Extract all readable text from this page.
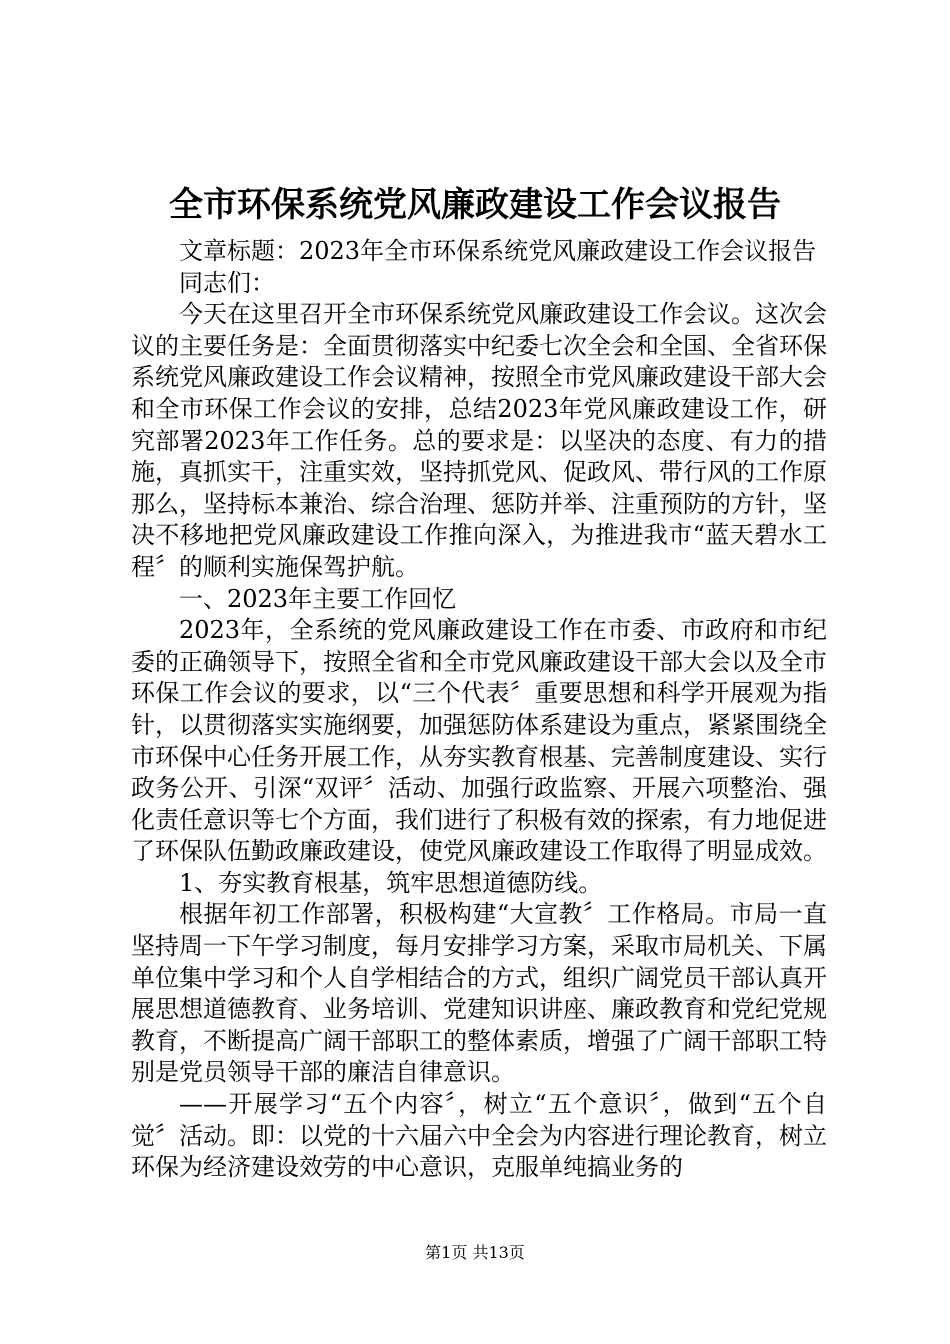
全市环保系统党风廉政建设工作会议报告

文章标题：2023年全市环保系统党风廉政建设工作会议报告

同志们：

今天在这里召开全市环保系统党风廉政建设工作会议。这次会议的主要任务是：全面贯彻落实中纪委七次全会和全国、全省环保系统党风廉政建设工作会议精神，按照全市党风廉政建设干部大会和全市环保工作会议的安排，总结2023年党风廉政建设工作，研究部署2023年工作任务。总的要求是：以坚决的态度、有力的措施，真抓实干，注重实效，坚持抓党风、促政风、带行风的工作原那么，坚持标本兼治、综合治理、惩防并举、注重预防的方针，坚决不移地把党风廉政建设工作推向深入，为推进我市“蓝天碧水工程〞的顺利实施保驾护航。

一、2023年主要工作回忆

2023年，全系统的党风廉政建设工作在市委、市政府和市纪委的正确领导下，按照全省和全市党风廉政建设干部大会以及全市环保工作会议的要求，以“三个代表〞重要思想和科学开展观为指针，以贯彻落实实施纲要，加强惩防体系建设为重点，紧紧围绕全市环保中心任务开展工作，从夯实教育根基、完善制度建设、实行政务公开、引深“双评〞活动、加强行政监察、开展六项整治、强化责任意识等七个方面，我们进行了积极有效的探索，有力地促进了环保队伍勤政廉政建设，使党风廉政建设工作取得了明显成效。

1、夯实教育根基，筑牢思想道德防线。

根据年初工作部署，积极构建“大宣教〞工作格局。市局一直坚持周一下午学习制度，每月安排学习方案，采取市局机关、下属单位集中学习和个人自学相结合的方式，组织广阔党员干部认真开展思想道德教育、业务培训、党建知识讲座、廉政教育和党纪党规教育，不断提高广阔干部职工的整体素质，增强了广阔干部职工特别是党员领导干部的廉洁自律意识。

——开展学习“五个内容〞，树立“五个意识〞，做到“五个自觉〞活动。即：以党的十六届六中全会为内容进行理论教育，树立环保为经济建设效劳的中心意识，克服单纯搞业务的

第1页 共13页
